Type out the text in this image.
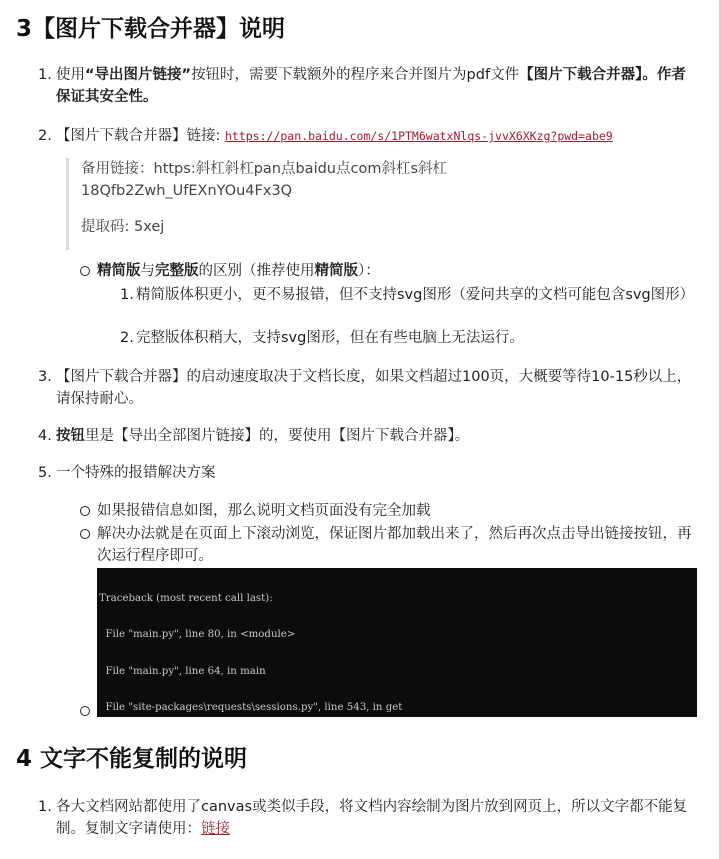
3【图片下载合并器】说明
1. 使用“导出图片链接”按钮时，需要下载额外的程序来合并图片为pdf文件【图片下载合并器】。作者保证其安全性。
2. 【图片下载合并器】链接: https://pan.baidu.com/s/1PTM6watxNlqs-jvvX6XKzg?pwd=abe9

备用链接：https:斜杠斜杠pan点baidu点com斜杠s斜杠18Qfb2Zwh_UfEXnYOu4Fx3Q

提取码: 5xej

精简版与完整版的区别（推荐使用精简版）：
1. 精简版体积更小，更不易报错，但不支持svg图形（爱问共享的文档可能包含svg图形）
2. 完整版体积稍大，支持svg图形，但在有些电脑上无法运行。
3. 【图片下载合并器】的启动速度取决于文档长度，如果文档超过100页，大概要等待10-15秒以上，请保持耐心。
4. 按钮里是【导出全部图片链接】的，要使用【图片下载合并器】。
5. 一个特殊的报错解决方案
如果报错信息如图，那么说明文档页面没有完全加载
解决办法就是在页面上下滚动浏览，保证图片都加载出来了，然后再次点击导出链接按钮，再次运行程序即可。

Traceback (most recent call last):

File "main.py", line 80, in <module>

File "main.py", line 64, in main

File "site-packages\requests\sessions.py", line 543, in get

4 文字不能复制的说明
1. 各大文档网站都使用了canvas或类似手段，将文档内容绘制为图片放到网页上，所以文字都不能复制。复制文字请使用：链接
